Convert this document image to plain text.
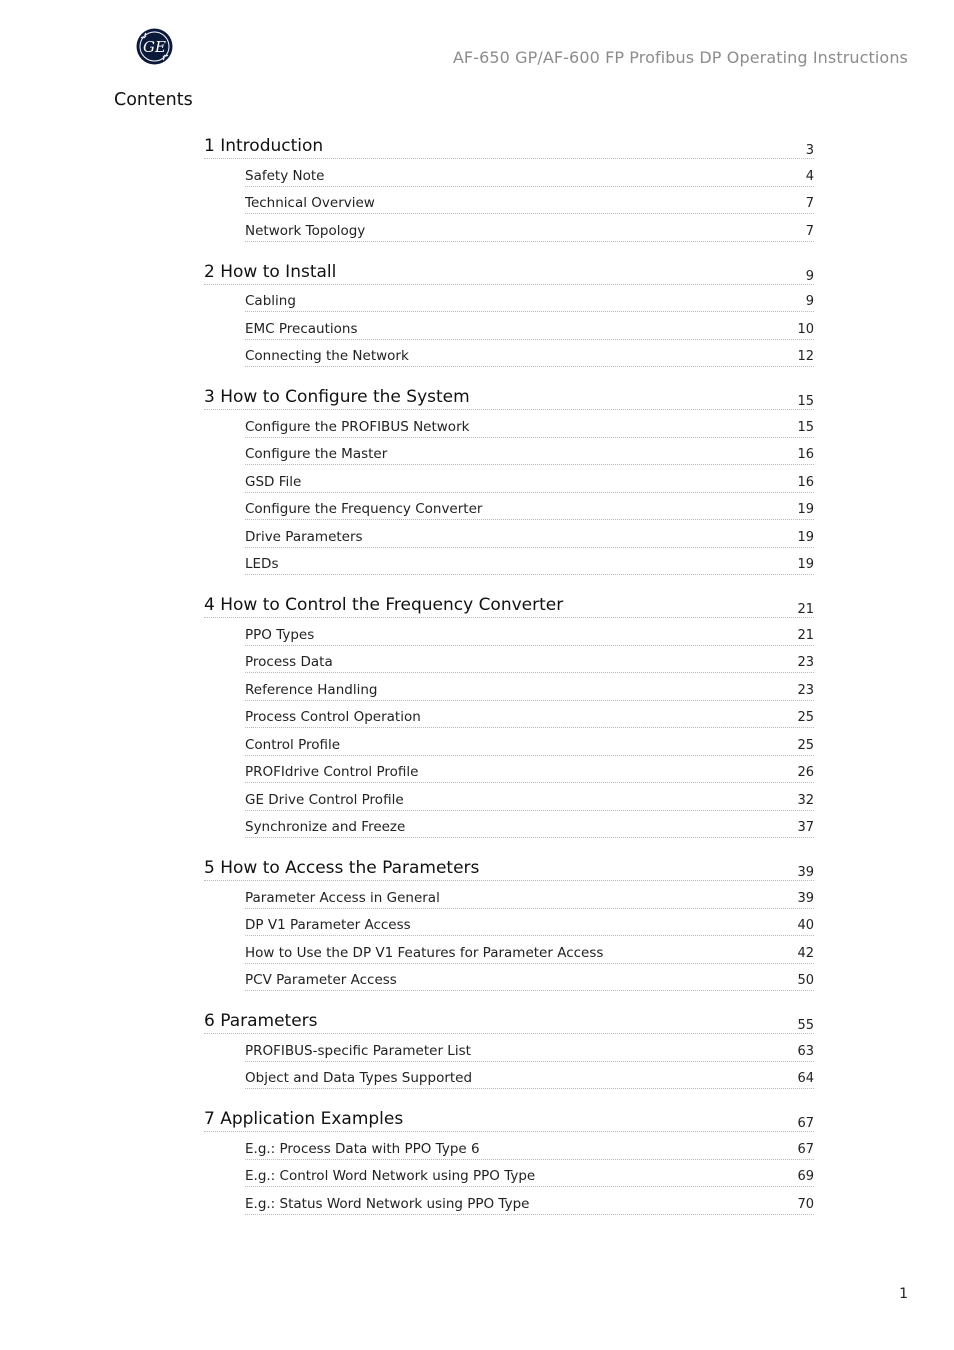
GE
AF-650 GP/AF-600 FP Profibus DP Operating Instructions
Contents
1 Introduction	3
Safety Note	4
Technical Overview	7
Network Topology	7
2 How to Install	9
Cabling	9
EMC Precautions	10
Connecting the Network	12
3 How to Configure the System	15
Configure the PROFIBUS Network	15
Configure the Master	16
GSD File	16
Configure the Frequency Converter	19
Drive Parameters	19
LEDs	19
4 How to Control the Frequency Converter	21
PPO Types	21
Process Data	23
Reference Handling	23
Process Control Operation	25
Control Profile	25
PROFIdrive Control Profile	26
GE Drive Control Profile	32
Synchronize and Freeze	37
5 How to Access the Parameters	39
Parameter Access in General	39
DP V1 Parameter Access	40
How to Use the DP V1 Features for Parameter Access	42
PCV Parameter Access	50
6 Parameters	55
PROFIBUS-specific Parameter List	63
Object and Data Types Supported	64
7 Application Examples	67
E.g.: Process Data with PPO Type 6	67
E.g.: Control Word Network using PPO Type	69
E.g.: Status Word Network using PPO Type	70
1
